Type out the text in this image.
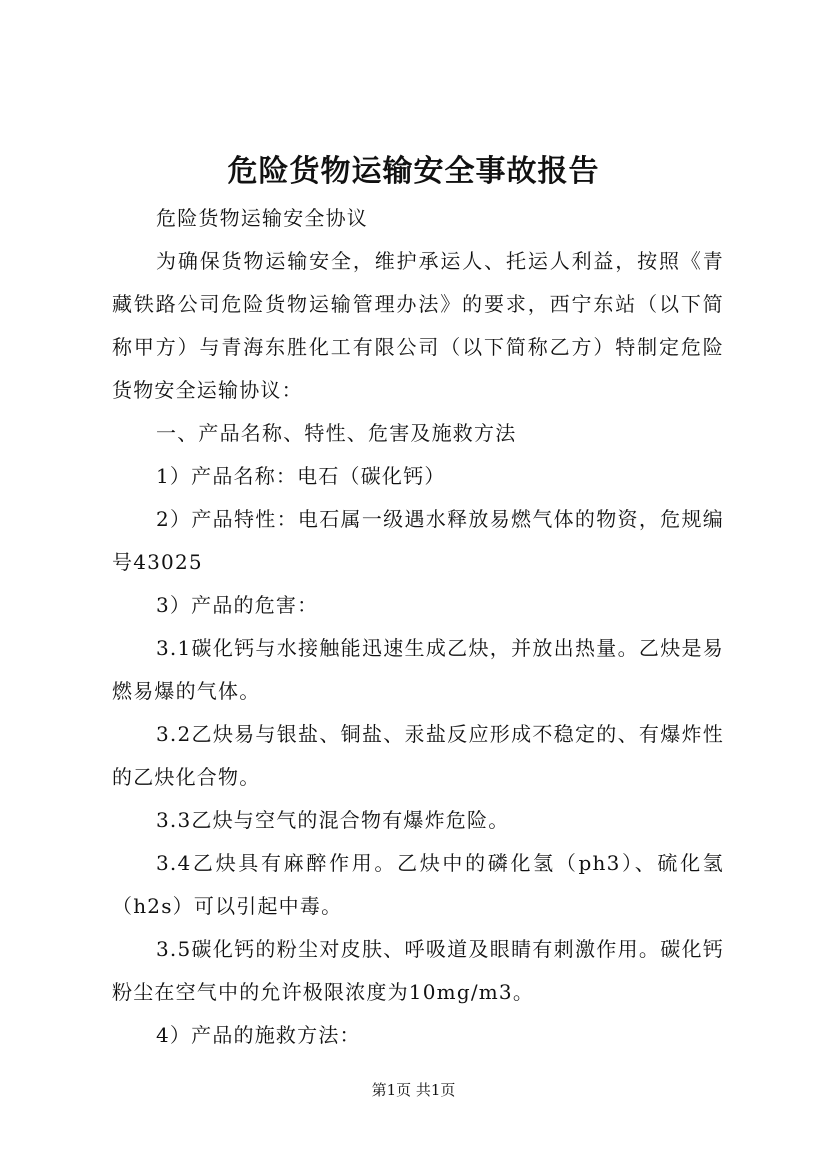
危险货物运输安全事故报告

危险货物运输安全协议

为确保货物运输安全，维护承运人、托运人利益，按照《青藏铁路公司危险货物运输管理办法》的要求，西宁东站（以下简称甲方）与青海东胜化工有限公司（以下简称乙方）特制定危险货物安全运输协议：

一、产品名称、特性、危害及施救方法

1）产品名称：电石（碳化钙）

2）产品特性：电石属一级遇水释放易燃气体的物资，危规编号43025

3）产品的危害：

3.1碳化钙与水接触能迅速生成乙炔，并放出热量。乙炔是易燃易爆的气体。

3.2乙炔易与银盐、铜盐、汞盐反应形成不稳定的、有爆炸性的乙炔化合物。

3.3乙炔与空气的混合物有爆炸危险。

3.4乙炔具有麻醉作用。乙炔中的磷化氢（ph3）、硫化氢（h2s）可以引起中毒。

3.5碳化钙的粉尘对皮肤、呼吸道及眼睛有刺激作用。碳化钙粉尘在空气中的允许极限浓度为10mg/m3。

4）产品的施救方法：

第1页 共1页
